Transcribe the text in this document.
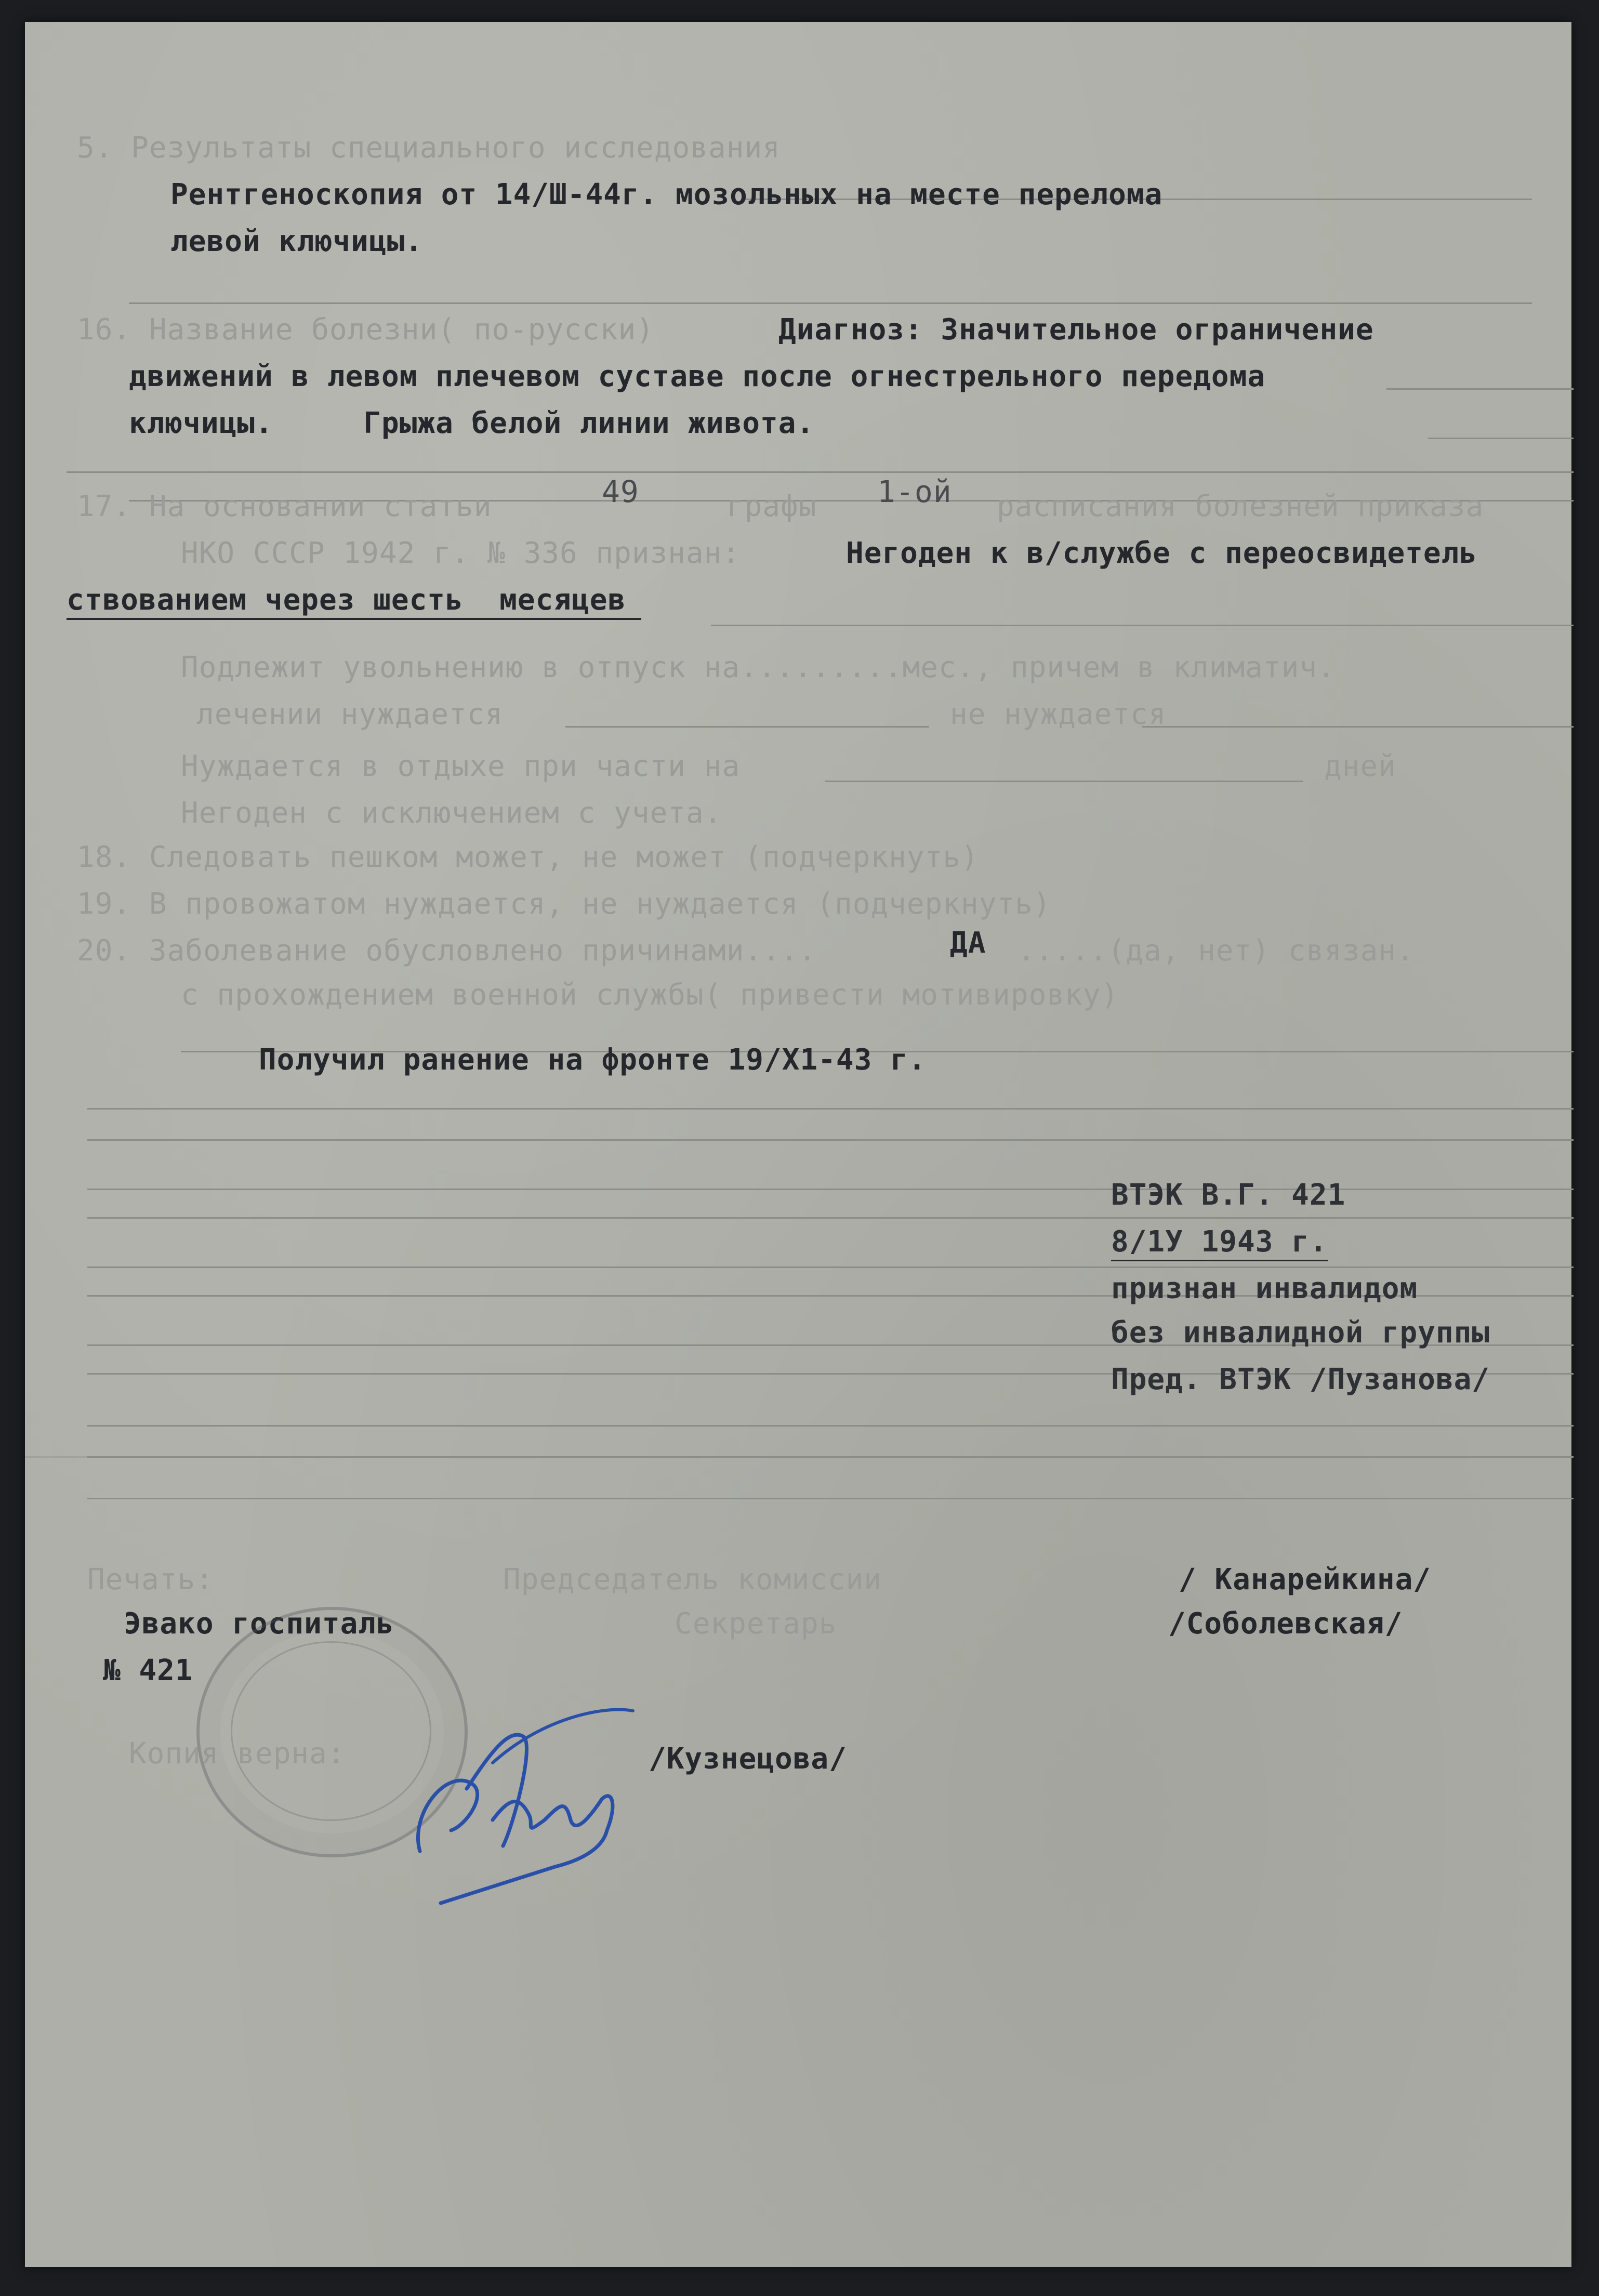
5. Результаты специального исследования
Рентгеноскопия от 14/Ш-44г. мозольных на месте перелома
левой ключицы.
16. Название болезни( по-русски)	Диагноз: Значительное ограничение
движений в левом плечевом суставе после огнестрельного передома
ключицы.     Грыжа белой линии живота.
17. На основании статьи	49	графы 1-ой расписания болезней приказа
НКО СССР 1942 г. № 336 признан:	Негоден к в/службе с переосвидетель
ствованием через шесть  месяцев
Подлежит увольнению в отпуск на.........мес., причем в климатич.
лечении нуждается	не нуждается
Нуждается в отдыхе при части на	дней
Негоден с исключением с учета.
18. Следовать пешком может, не может (подчеркнуть)
19. В провожатом нуждается, не нуждается (подчеркнуть)
20. Заболевание обусловлено причинами....	ДА .....(да, нет) связан.
с прохождением военной службы( привести мотивировку)
Получил ранение на фронте 19/Х1-43 г.
ВТЭК В.Г. 421
8/1У 1943 г.
признан инвалидом
без инвалидной группы
Пред. ВТЭК /Пузанова/
Печать:
Эвако госпиталь
№ 421
Председатель комиссии
Секретарь
/ Канарейкина/
/Соболевская/
Копия верна:	/Кузнецова/
